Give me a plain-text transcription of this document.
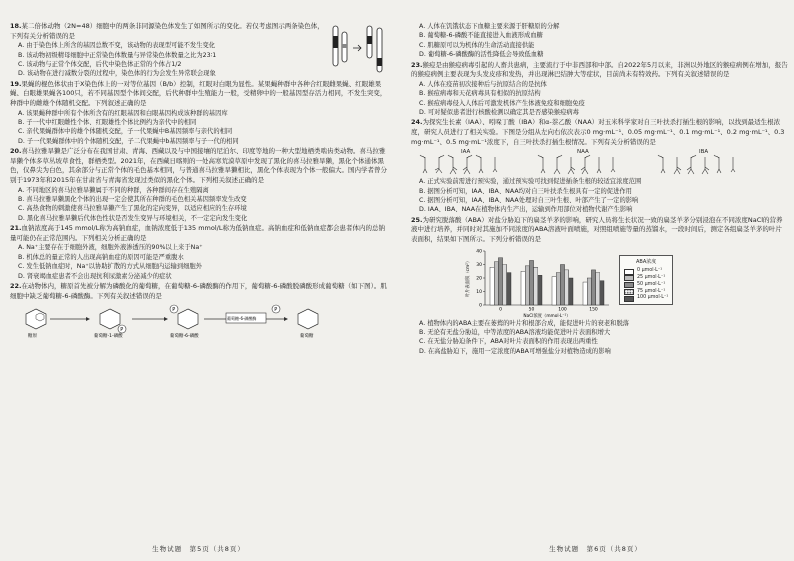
18.某二倍体动物（2N=48）细胞中的两条非同源染色体发生了如图所示的变化。若仅考虑图示两条染色体，下列有关分析错误的是
A. 由于染色体上所含的基因总数不变，该动物的表现型可能不发生变化
B. 该动物初级精母细胞中正常染色体数量与异常染色体数量之比为23∶1
C. 该动物与正常个体交配，后代中染色体正常的个体占1/2
D. 该动物在进行减数分裂的过程中，染色体的行为会发生异常联会现象
19.果蝇的棍色体状由于X染色体上的一对等位基因（B/b）控制，红眼对白眼为显性。某果蝇种群中各种合红眼雌果蝇、红眼雄果蝇、白眼雄果蝇各100只，若不同基因型个体间交配，后代种群中生殖能力一般，受精卵中的一般基因型存活力相同，不发生突变，种群中的雌雄个体随机交配。下列叙述正确的是
A. 该果蝇种群中所有个体所含有的红眼基因和白眼基因构成该种群的基因库
B. 子一代中红眼雌性个体、红眼雄性个体比例约为亲代中的相同
C. 亲代果蝇群体中的雄个体随机交配，子一代果蝇中B基因频率与亲代的相同
D. 子一代果蝇群体中的个体随机交配，子二代果蝇中b基因频率与子一代的相同
20.喜马拉雅旱獭是广泛分布在我国甘肃、青海、西藏以及与中国接壤的尼泊尔、印度等地的一种大型地栖类啮齿类动物。喜马拉雅旱獭个体多草丛坡草食性，群栖类型。2021年，在西藏日喀则的一处高寒荒漠草原中发现了黑化的喜马拉雅旱獭，黑化个体通体黑色，仅鼻尖为白色，其余部分与正常个体的毛色基本相同，与普通喜马拉雅旱獭相比，黑化个体表现为个体一般偏大。国内学者曾分别于1973年和2015年在甘肃省与青海省发现过类似的黑化个体。下列相关叙述正确的是
A. 不同地区的喜马拉雅旱獭属于不同的种群，各种群间存在生殖隔离
B. 喜马拉雅旱獭黑化个体的出现一定会使其所在种群的毛色相关基因频率发生改变
C. 高热食物的刺激使喜马拉雅旱獭产生了黑化的定向变异，以适应相应的生存环境
D. 黑化喜马拉雅旱獭后代体色性状是否发生变异与环境相关，不一定定向发生变化
21.血钠浓度高于145 mmol/L称为高钠血症，血钠浓度低于135 mmol/L称为低钠血症。高钠血症和低钠血症都会患者体内的总钠量可能仍在正常范围内。下列相关分析正确的是
A. Na⁺主要存在于细胞外液，细胞外液渗透压的90%以上来于Na⁺
B. 机体总的量正常的人出现高钠血症的原因可能是严重腹水
C. 发生低钠血症时，Na⁺以协助扩散的方式从细胞内运输到细胞外
D. 肾衰竭血症患者不会出现抗利尿激素分泌减少的症状
22.在动物体内，糖原首先被分解为磷酸化的葡萄糖，在葡萄糖-6-磷酸酶的作用下，葡萄糖-6-磷酸脱磷酸形成葡萄糖（如下图）。肌细胞中缺乏葡萄糖-6-磷酸酶。下列有关叙述错误的是
P
P	P
糖原	葡萄糖-1-磷酸	葡萄糖-6-磷酸
葡萄糖-6-磷酸酶
葡萄糖
生物试题　第5页（共8页）
A. 人体在饥饿状态下血糖主要来源于肝糖原的分解
B. 葡萄糖-6-磷酸不能直接进入血液形成血糖
C. 肌糖原可以为机体的生命活动直接供能
D. 葡萄糖-6-磷酸酶的活性降低会导致低血糖
23.猴痘是由猴痘病毒引起的人畜共患病，主要流行于中非西部和中部。自2022年5月以来，非洲以外地区的猴痘病例在增加，报告的猴痘病例主要表现为头发皮疹和发热，并出现淋巴结肿大等症状，目前尚未有特效药。下列有关叙述错误的是
A. 人体在疫苗初次接种后与抗原结合的是抗体
B. 猴痘病毒和天花病毒具有相似的抗原结构
C. 猴痘病毒侵入人体后可激发机体产生体液免疫和细胞免疫
D. 可对疑似患者进行核酸检测以确定其是否感染猴痘病毒
24.为探究生长素（IAA）、吲哚丁酸（IBA）和α-萘乙酸（NAA）对玉米科学家对自三叶扶杀打插生根的影响，以找到最适生根浓度，研究人员进行了相关实验。下图是分组从左向右依次表示0 mg·mL⁻¹、0.05 mg·mL⁻¹、0.1 mg·mL⁻¹、0.2 mg·mL⁻¹、0.3 mg·mL⁻¹、0.5 mg·mL⁻¹浓度下，自三叶扶杀打插生根情况。下列有关分析错误的是
IAA	NAA	IBA
A. 正式实验前需进行预实验，通过预实验可找到促进插条生根的较适宜浓度范围
B. 据图分析可知，IAA、IBA、NAA均对自三叶扶杀生根具有一定的促进作用
C. 据图分析可知，IAA、IBA、NAA处理对自三叶生根、叶部产生了一定的影响
D. IAA、IBA、NAA在植物体内生产出，运输到作用部位对植物代谢产生影响
25.为研究脱落酸（ABA）对盐分胁迫下的扁茎羊茅的影响，研究人员将生长状况一致的扁茎羊茅分别浸泡在不同浓度NaCl的营养液中进行培养，并同时对其施加不同浓度的ABA溶液叶面喷施，对照组喷施等量的蒸馏水，一段时间后，测定各组扁茎羊茅的叶片表面积，结果如下图所示。下列分析错误的是
0
10
20
30
40
叶片表面积（cm²）
0	50	100	150
NaCl浓度（mmol·L⁻¹）
ABA浓度
0 μmol·L⁻¹
25 μmol·L⁻¹
50 μmol·L⁻¹
75 μmol·L⁻¹
100 μmol·L⁻¹
A. 植物体内的ABA主要在萎蔫的叶片和根部合成，能促进叶片的衰老和脱落
B. 无论有无盐分胁迫，中等浓度的ABA溶液均能促进叶片表面积增大
C. 在无盐分胁迫条件下，ABA对叶片表面积的作用表现出两重性
D. 在高盐胁迫下，施用一定浓度的ABA可增强盐分对植物造成的影响
生物试题　第6页（共8页）
